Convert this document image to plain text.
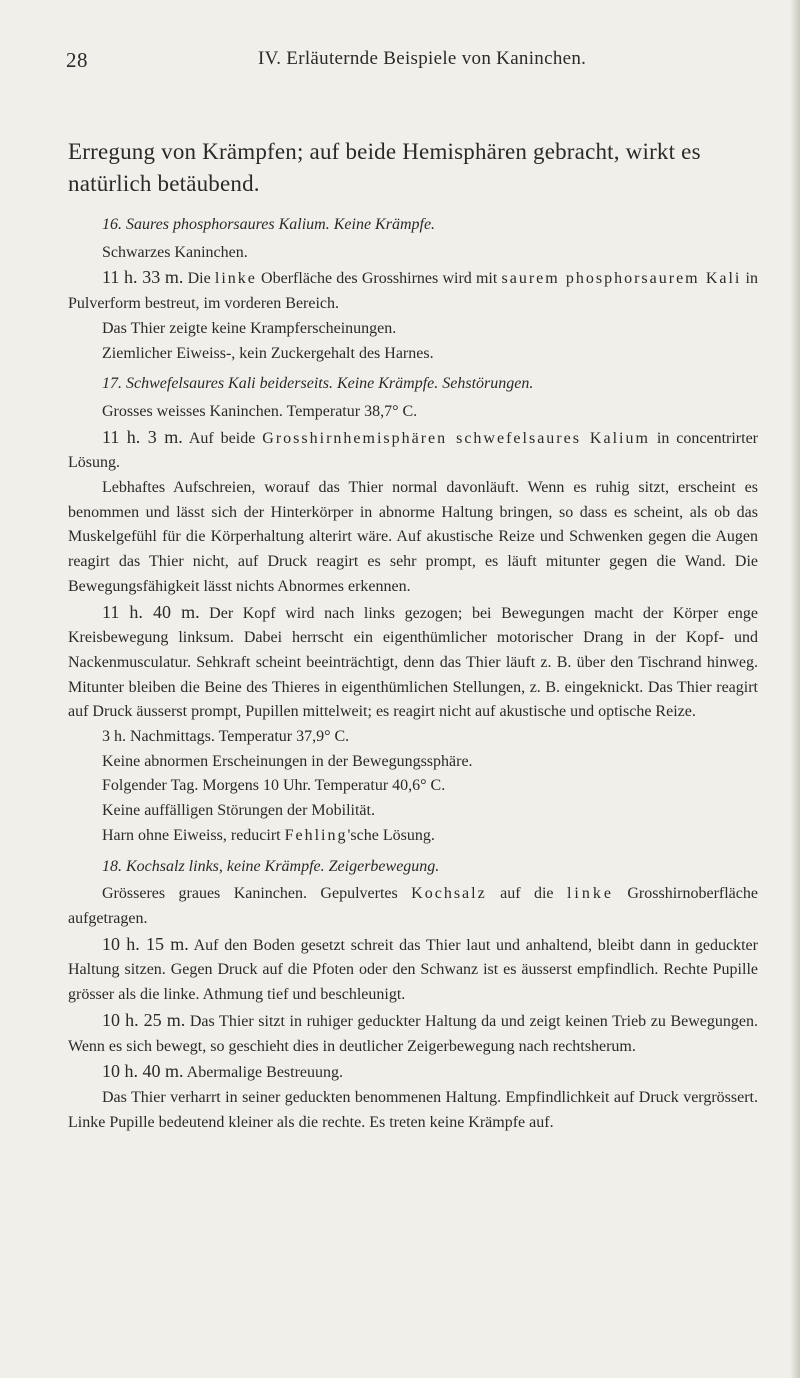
28	IV. Erläuternde Beispiele von Kaninchen.
Erregung von Krämpfen; auf beide Hemisphären gebracht, wirkt es natürlich betäubend.

16. Saures phosphorsaures Kalium. Keine Krämpfe.

Schwarzes Kaninchen.

11 h. 33 m. Die linke Oberfläche des Grosshirnes wird mit saurem phosphorsaurem Kali in Pulverform bestreut, im vorderen Bereich.

Das Thier zeigte keine Krampferscheinungen.

Ziemlicher Eiweiss-, kein Zuckergehalt des Harnes.

17. Schwefelsaures Kali beiderseits. Keine Krämpfe. Sehstörungen.

Grosses weisses Kaninchen. Temperatur 38,7° C.

11 h. 3 m. Auf beide Grosshirnhemisphären schwefelsaures Kalium in concentrirter Lösung.

Lebhaftes Aufschreien, worauf das Thier normal davonläuft. Wenn es ruhig sitzt, erscheint es benommen und lässt sich der Hinterkörper in abnorme Haltung bringen, so dass es scheint, als ob das Muskelgefühl für die Körperhaltung alterirt wäre. Auf akustische Reize und Schwenken gegen die Augen reagirt das Thier nicht, auf Druck reagirt es sehr prompt, es läuft mitunter gegen die Wand. Die Bewegungsfähigkeit lässt nichts Abnormes erkennen.

11 h. 40 m. Der Kopf wird nach links gezogen; bei Bewegungen macht der Körper enge Kreisbewegung linksum. Dabei herrscht ein eigenthümlicher motorischer Drang in der Kopf- und Nackenmusculatur. Sehkraft scheint beeinträchtigt, denn das Thier läuft z. B. über den Tischrand hinweg. Mitunter bleiben die Beine des Thieres in eigenthümlichen Stellungen, z. B. eingeknickt. Das Thier reagirt auf Druck äusserst prompt, Pupillen mittelweit; es reagirt nicht auf akustische und optische Reize.

3 h. Nachmittags. Temperatur 37,9° C.

Keine abnormen Erscheinungen in der Bewegungssphäre.

Folgender Tag. Morgens 10 Uhr. Temperatur 40,6° C.

Keine auffälligen Störungen der Mobilität.

Harn ohne Eiweiss, reducirt Fehling'sche Lösung.

18. Kochsalz links, keine Krämpfe. Zeigerbewegung.

Grösseres graues Kaninchen. Gepulvertes Kochsalz auf die linke Grosshirnoberfläche aufgetragen.

10 h. 15 m. Auf den Boden gesetzt schreit das Thier laut und anhaltend, bleibt dann in geduckter Haltung sitzen. Gegen Druck auf die Pfoten oder den Schwanz ist es äusserst empfindlich. Rechte Pupille grösser als die linke. Athmung tief und beschleunigt.

10 h. 25 m. Das Thier sitzt in ruhiger geduckter Haltung da und zeigt keinen Trieb zu Bewegungen. Wenn es sich bewegt, so geschieht dies in deutlicher Zeigerbewegung nach rechtsherum.

10 h. 40 m. Abermalige Bestreuung.

Das Thier verharrt in seiner geduckten benommenen Haltung. Empfindlichkeit auf Druck vergrössert. Linke Pupille bedeutend kleiner als die rechte. Es treten keine Krämpfe auf.
